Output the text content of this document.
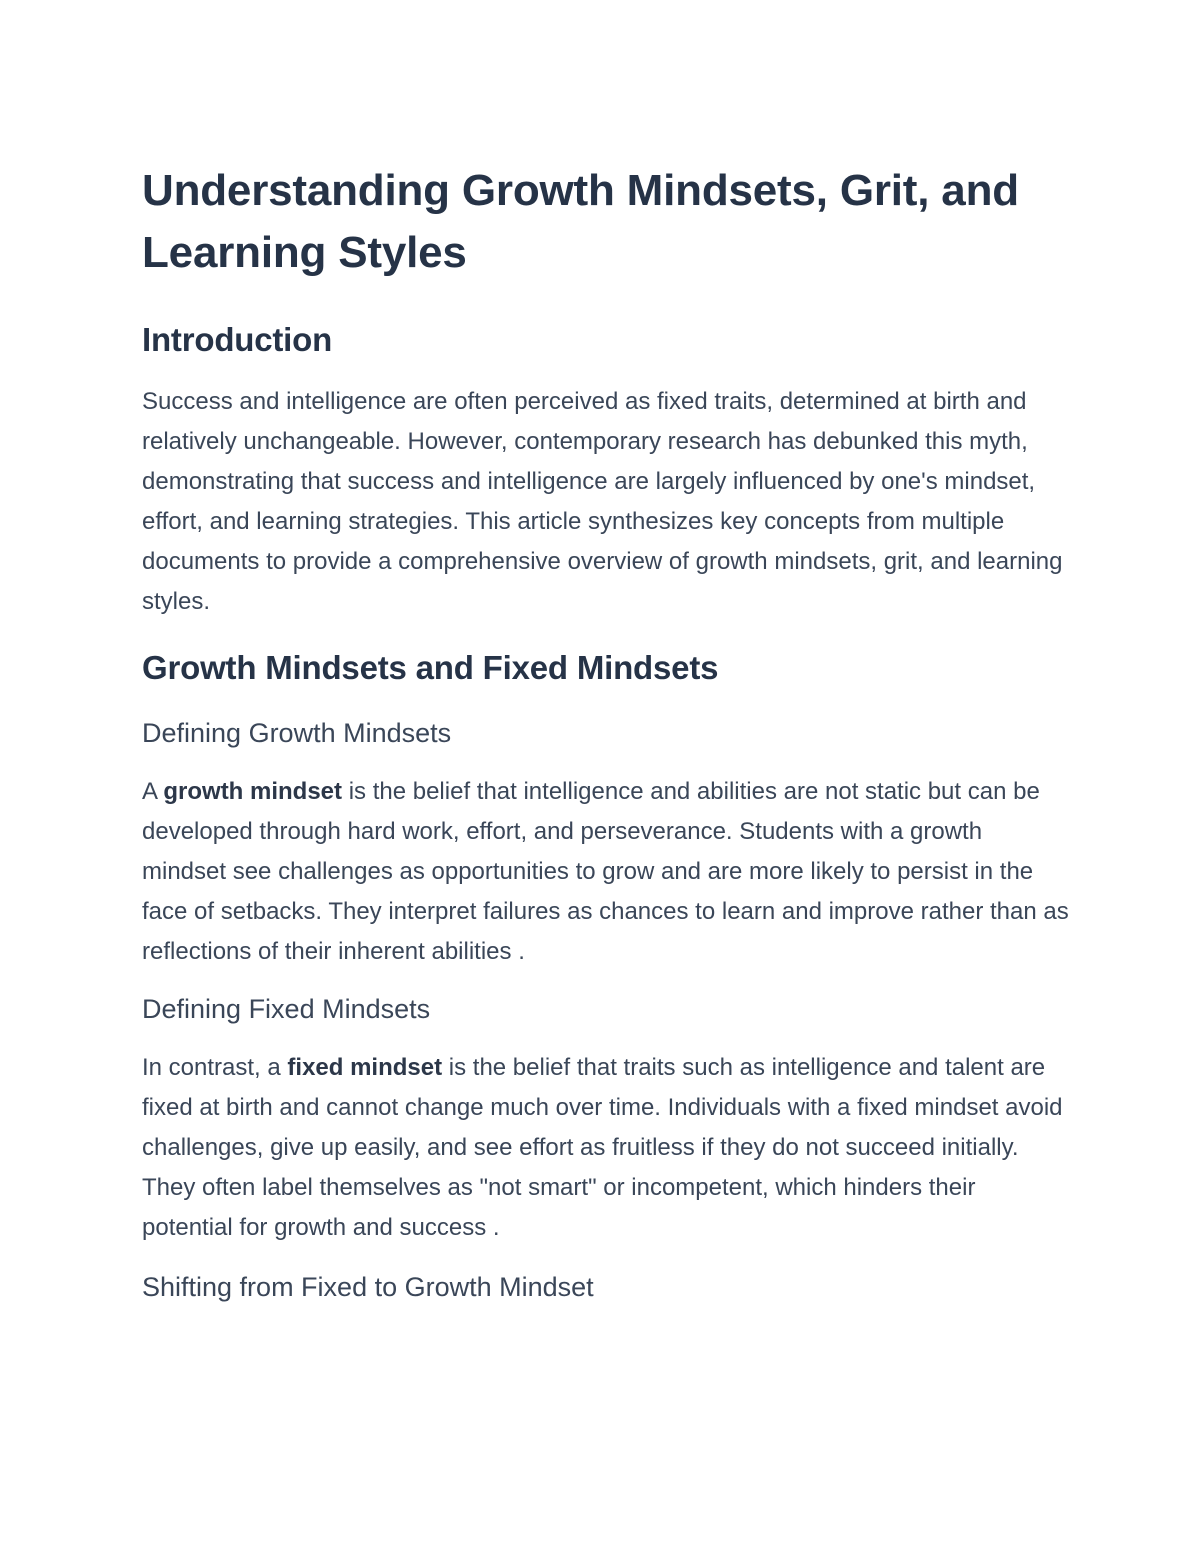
Understanding Growth Mindsets, Grit, and Learning Styles
Introduction

Success and intelligence are often perceived as fixed traits, determined at birth and relatively unchangeable. However, contemporary research has debunked this myth, demonstrating that success and intelligence are largely influenced by one's mindset, effort, and learning strategies. This article synthesizes key concepts from multiple documents to provide a comprehensive overview of growth mindsets, grit, and learning styles.

Growth Mindsets and Fixed Mindsets
Defining Growth Mindsets

A growth mindset is the belief that intelligence and abilities are not static but can be developed through hard work, effort, and perseverance. Students with a growth mindset see challenges as opportunities to grow and are more likely to persist in the face of setbacks. They interpret failures as chances to learn and improve rather than as reflections of their inherent abilities .

Defining Fixed Mindsets

In contrast, a fixed mindset is the belief that traits such as intelligence and talent are fixed at birth and cannot change much over time. Individuals with a fixed mindset avoid challenges, give up easily, and see effort as fruitless if they do not succeed initially. They often label themselves as "not smart" or incompetent, which hinders their potential for growth and success .

Shifting from Fixed to Growth Mindset
